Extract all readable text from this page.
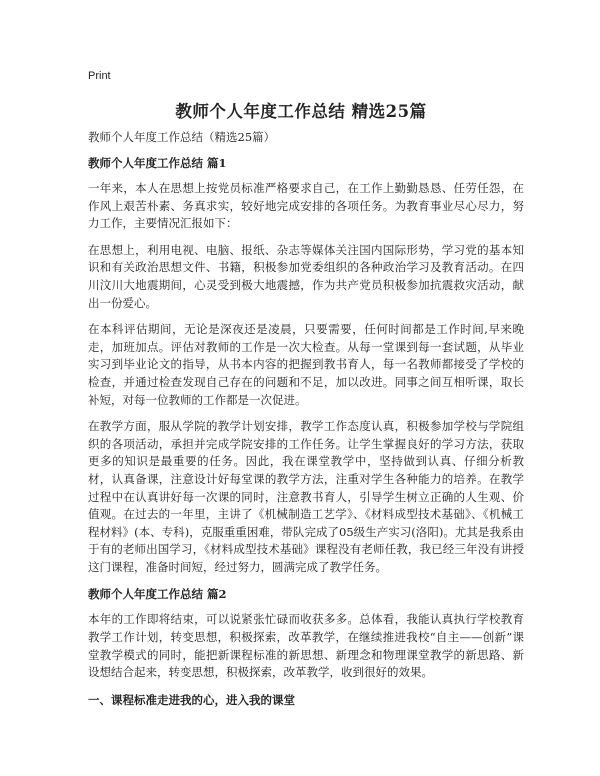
Print
教师个人年度工作总结 精选25篇

教师个人年度工作总结（精选25篇）

教师个人年度工作总结 篇1

一年来，本人在思想上按党员标准严格要求自己，在工作上勤勤恳恳、任劳任怨，在作风上艰苦朴素、务真求实，较好地完成安排的各项任务。为教育事业尽心尽力，努力工作，主要情况汇报如下：

在思想上，利用电视、电脑、报纸、杂志等媒体关注国内国际形势，学习党的基本知识和有关政治思想文件、书籍，积极参加党委组织的各种政治学习及教育活动。在四川汶川大地震期间，心灵受到极大地震撼，作为共产党员积极参加抗震救灾活动，献出一份爱心。

在本科评估期间，无论是深夜还是凌晨，只要需要，任何时间都是工作时间,早来晚走，加班加点。评估对教师的工作是一次大检查。从每一堂课到每一套试题，从毕业实习到毕业论文的指导，从书本内容的把握到教书育人，每一名教师都接受了学校的检查，并通过检查发现自己存在的问题和不足，加以改进。同事之间互相听课，取长补短，对每一位教师的工作都是一次促进。

在教学方面，服从学院的教学计划安排，教学工作态度认真，积极参加学校与学院组织的各项活动，承担并完成学院安排的工作任务。让学生掌握良好的学习方法，获取更多的知识是最重要的任务。因此，我在课堂教学中，坚持做到认真、仔细分析教材，认真备课，注意设计好每堂课的教学方法，注重对学生各种能力的培养。在教学过程中在认真讲好每一次课的同时，注意教书育人，引导学生树立正确的人生观、价值观。在过去的一年里，主讲了《机械制造工艺学》、《材料成型技术基础》、《机械工程材料》(本、专科)，克服重重困难，带队完成了05级生产实习(洛阳)。尤其是我系由于有的老师出国学习，《材料成型技术基础》课程没有老师任教，我已经三年没有讲授这门课程，准备时间短，经过努力，圆满完成了教学任务。

教师个人年度工作总结 篇2

本年的工作即将结束，可以说紧张忙碌而收获多多。总体看，我能认真执行学校教育教学工作计划，转变思想，积极探索，改革教学，在继续推进我校“自主——创新”课堂教学模式的同时，能把新课程标准的新思想、新理念和物理课堂教学的新思路、新设想结合起来，转变思想，积极探索，改革教学，收到很好的效果。

一、课程标准走进我的心，进入我的课堂
